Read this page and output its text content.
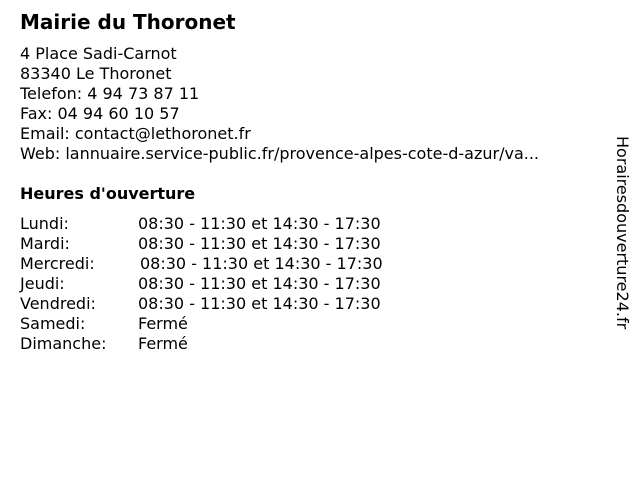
Mairie du Thoronet
4 Place Sadi-Carnot
83340 Le Thoronet
Telefon: 4 94 73 87 11
Fax: 04 94 60 10 57
Email: contact@lethoronet.fr
Web: lannuaire.service-public.fr/provence-alpes-cote-d-azur/va...
Heures d'ouverture
Lundi:	08:30 - 11:30 et 14:30 - 17:30
Mardi:	08:30 - 11:30 et 14:30 - 17:30
Mercredi:	08:30 - 11:30 et 14:30 - 17:30
Jeudi:	08:30 - 11:30 et 14:30 - 17:30
Vendredi:	08:30 - 11:30 et 14:30 - 17:30
Samedi:	Fermé
Dimanche: Fermé
Horairesdouverture24.fr
